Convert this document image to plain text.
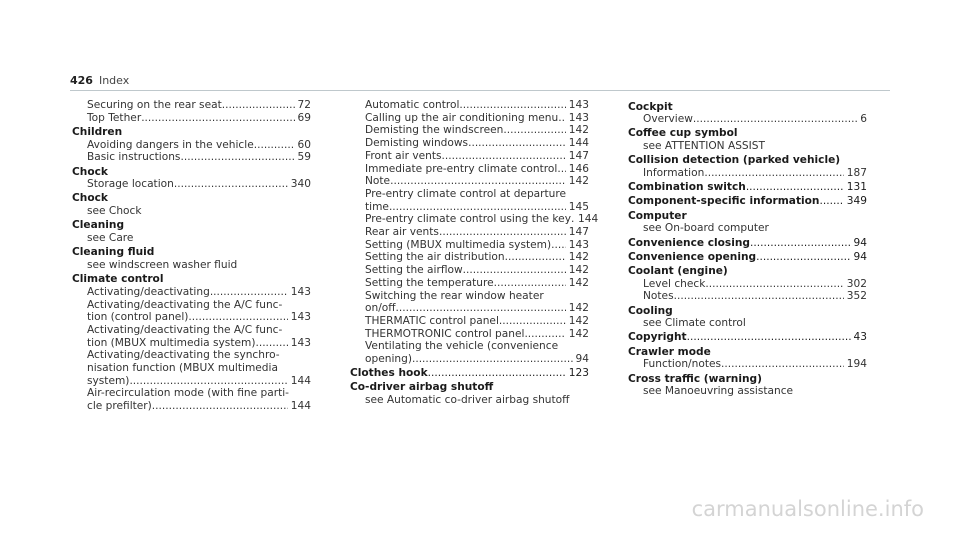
426 Index
Securing on the rear seat .....	72
Top Tether .....	69
Children
Avoiding dangers in the vehicle .....	60
Basic instructions .....	59
Chock
Storage location .....	340
Chock
see Chock
Cleaning
see Care
Cleaning fluid
see windscreen washer fluid
Climate control
Activating/deactivating .....	143
Activating/deactivating the A/C func-
tion (control panel) .....	143
Activating/deactivating the A/C func-
tion (MBUX multimedia system) .....	143
Activating/deactivating the synchro-
nisation function (MBUX multimedia
system) .....	144
Air-recirculation mode (with fine parti-
cle prefilter) .....	144
Automatic control .....	143
Calling up the air conditioning menu ..... 143
Demisting the windscreen .....	142
Demisting windows .....	144
Front air vents .....	147
Immediate pre-entry climate control ..... 146
Note .....	142
Pre-entry climate control at departure
time .....	145
Pre-entry climate control using the key ..... 144
Rear air vents .....	147
Setting (MBUX multimedia system) ..... 143
Setting the air distribution .....	142
Setting the airflow .....	142
Setting the temperature .....	142
Switching the rear window heater
on/off .....	142
THERMATIC control panel .....	142
THERMOTRONIC control panel .....	142
Ventilating the vehicle (convenience
opening) .....	94
Clothes hook .....	123
Co-driver airbag shutoff
see Automatic co-driver airbag shutoff
Cockpit
Overview .....	6
Coffee cup symbol
see ATTENTION ASSIST
Collision detection (parked vehicle)
Information .....	187
Combination switch .....	131
Component-specific information .....	349
Computer
see On-board computer
Convenience closing .....	94
Convenience opening .....	94
Coolant (engine)
Level check .....	302
Notes .....	352
Cooling
see Climate control
Copyright .....	43
Crawler mode
Function/notes .....	194
Cross traffic (warning)
see Manoeuvring assistance
carmanualsonline.info
